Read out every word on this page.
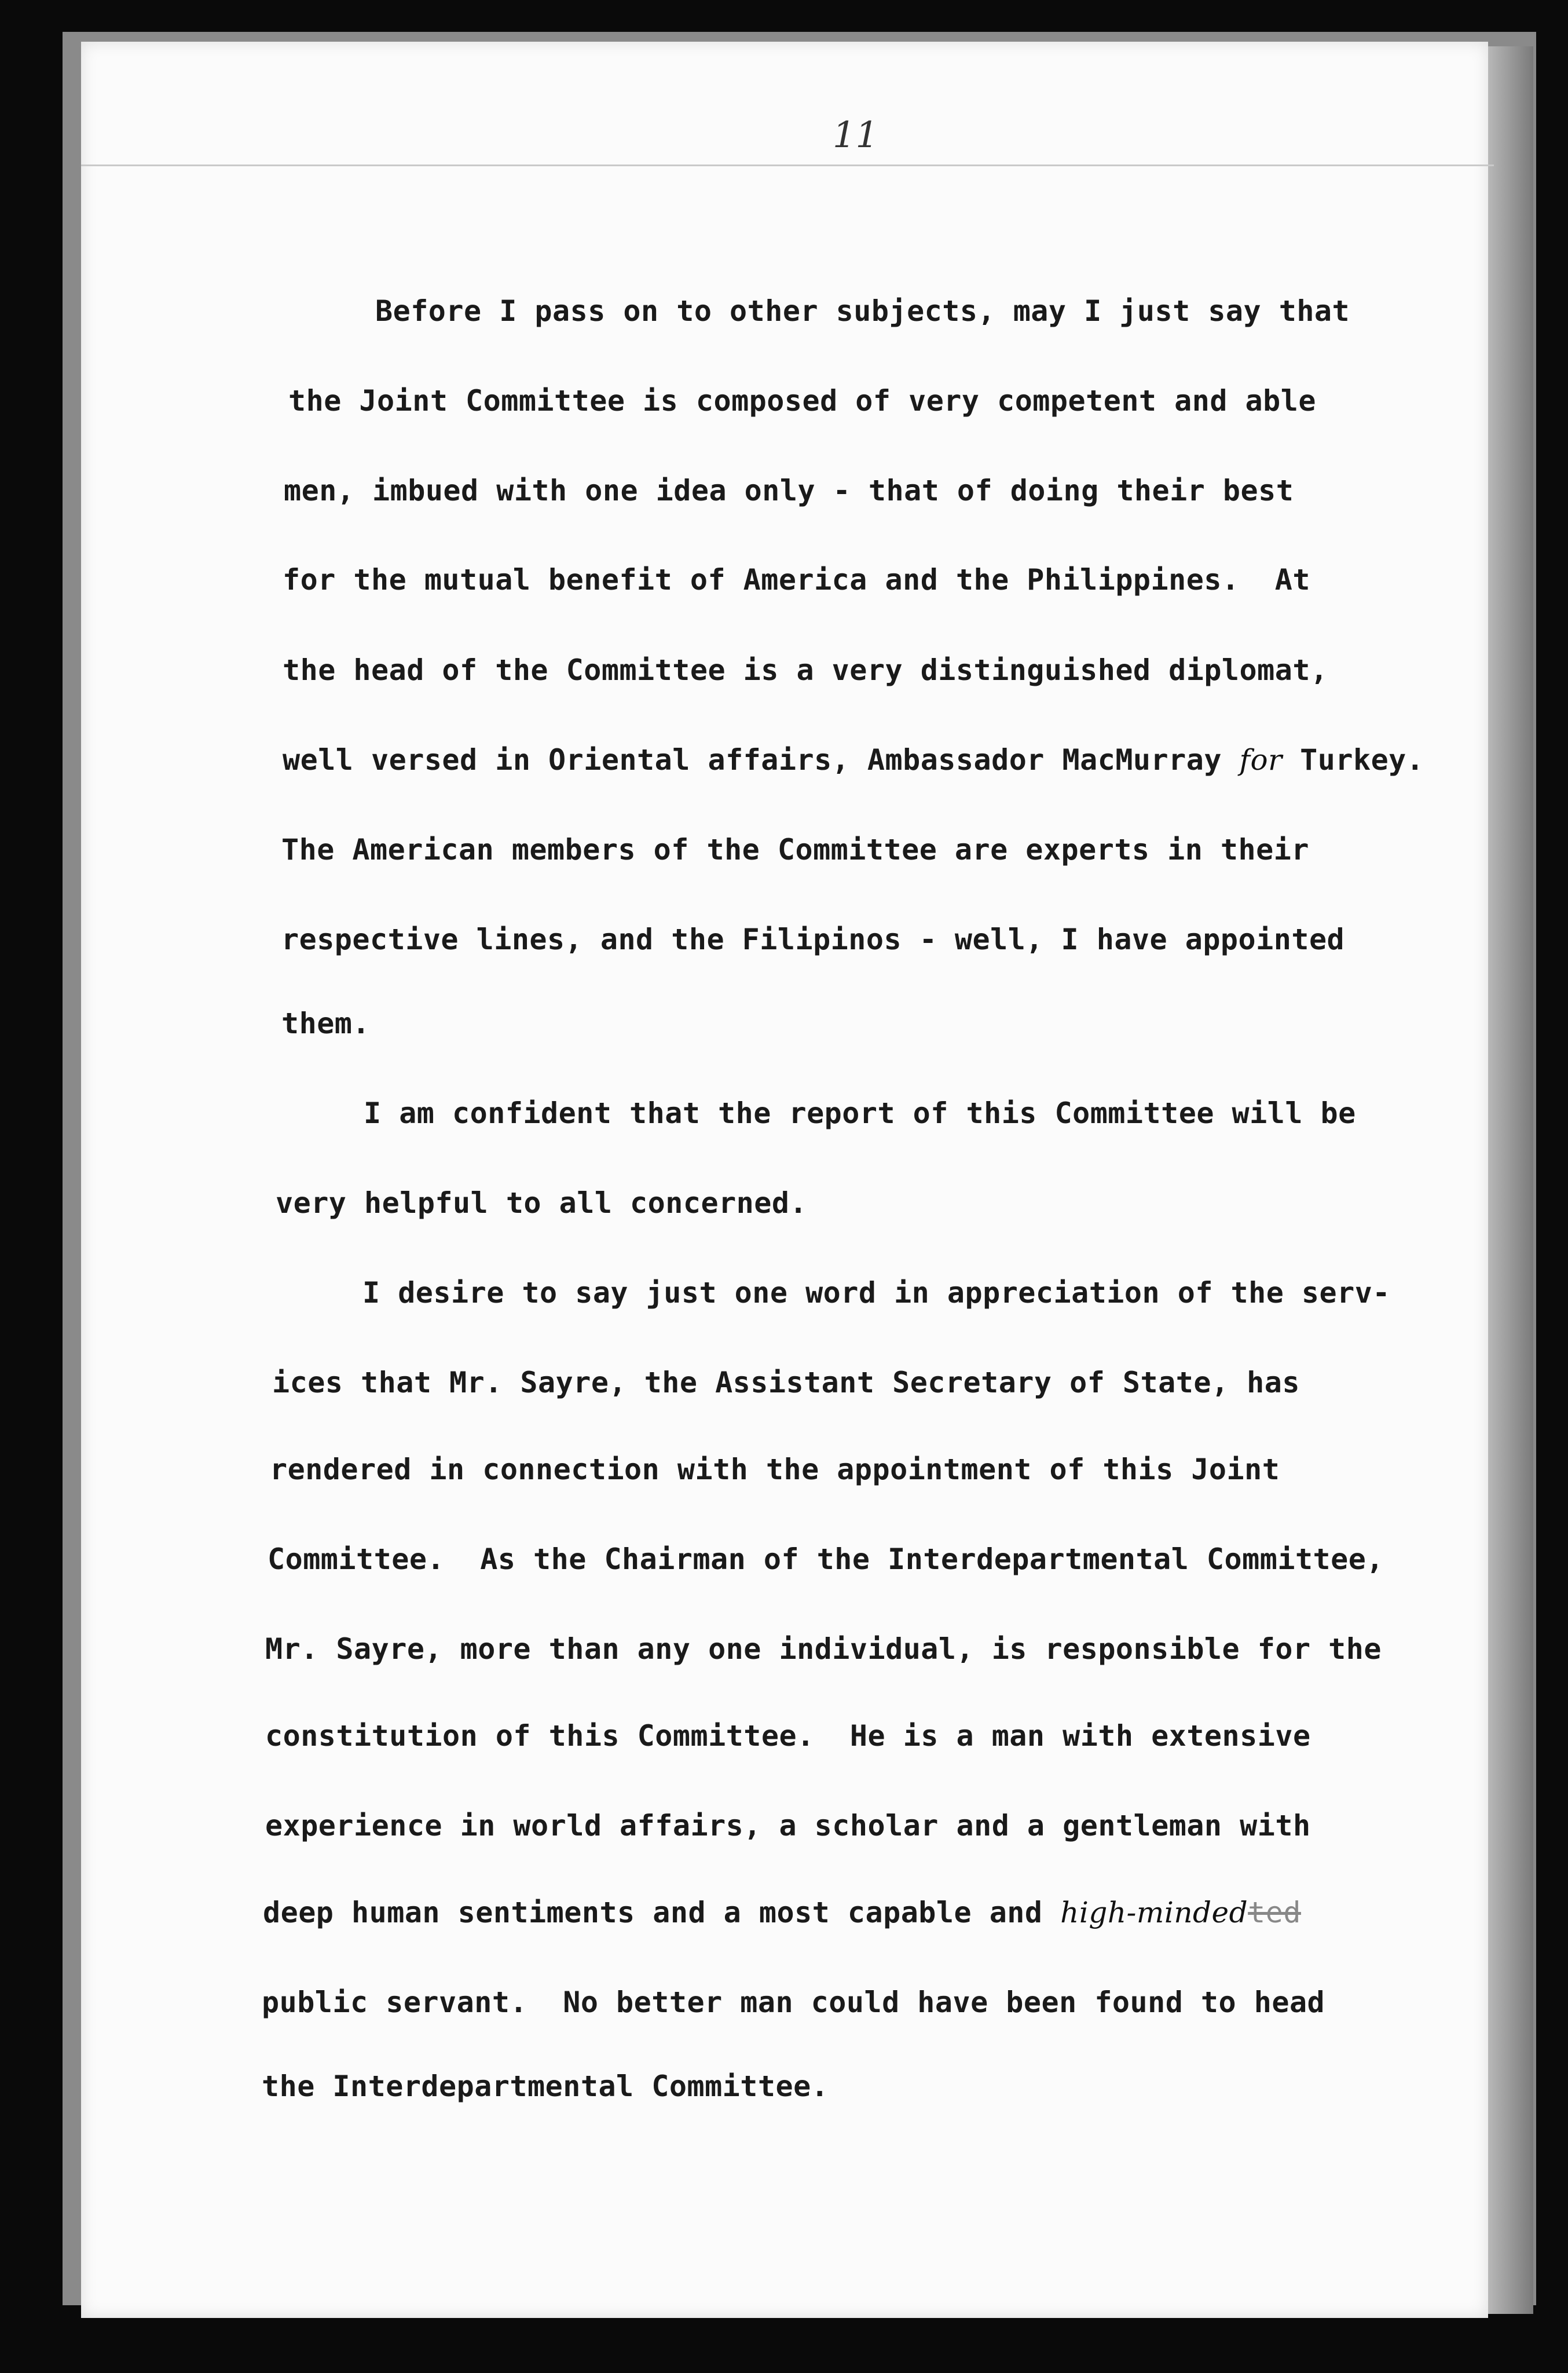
11
Before I pass on to other subjects, may I just say that
the Joint Committee is composed of very competent and able
men, imbued with one idea only - that of doing their best
for the mutual benefit of America and the Philippines.  At
the head of the Committee is a very distinguished diplomat,
well versed in Oriental affairs, Ambassador MacMurray for Turkey.
The American members of the Committee are experts in their
respective lines, and the Filipinos - well, I have appointed
them.
I am confident that the report of this Committee will be
very helpful to all concerned.
I desire to say just one word in appreciation of the serv-
ices that Mr. Sayre, the Assistant Secretary of State, has
rendered in connection with the appointment of this Joint
Committee.  As the Chairman of the Interdepartmental Committee,
Mr. Sayre, more than any one individual, is responsible for the
constitution of this Committee.  He is a man with extensive
experience in world affairs, a scholar and a gentleman with
deep human sentiments and a most capable and high-mindedted
public servant.  No better man could have been found to head
the Interdepartmental Committee.
